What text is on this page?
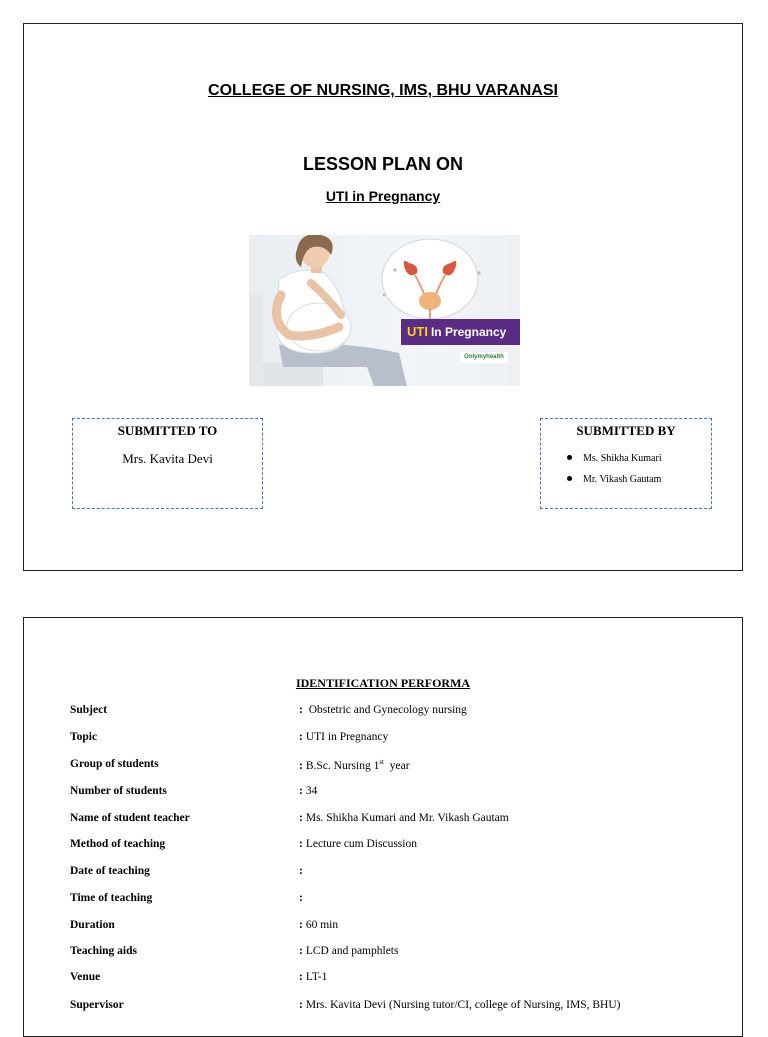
COLLEGE OF NURSING, IMS, BHU VARANASI
LESSON PLAN ON
UTI in Pregnancy
UTI In Pregnancy
Onlymyhealth
SUBMITTED TO
Mrs. Kavita Devi
SUBMITTED BY
Ms. Shikha Kumari
Mr. Vikash Gautam
IDENTIFICATION PERFORMA
Subject	: Obstetric and Gynecology nursing
Topic	: UTI in Pregnancy
Group of students	: B.Sc. Nursing 1st year
Number of students	: 34
Name of student teacher	: Ms. Shikha Kumari and Mr. Vikash Gautam
Method of teaching	: Lecture cum Discussion
Date of teaching	:
Time of teaching	:
Duration	: 60 min
Teaching aids	: LCD and pamphlets
Venue	: LT-1
Supervisor	: Mrs. Kavita Devi (Nursing tutor/CI, college of Nursing, IMS, BHU)
